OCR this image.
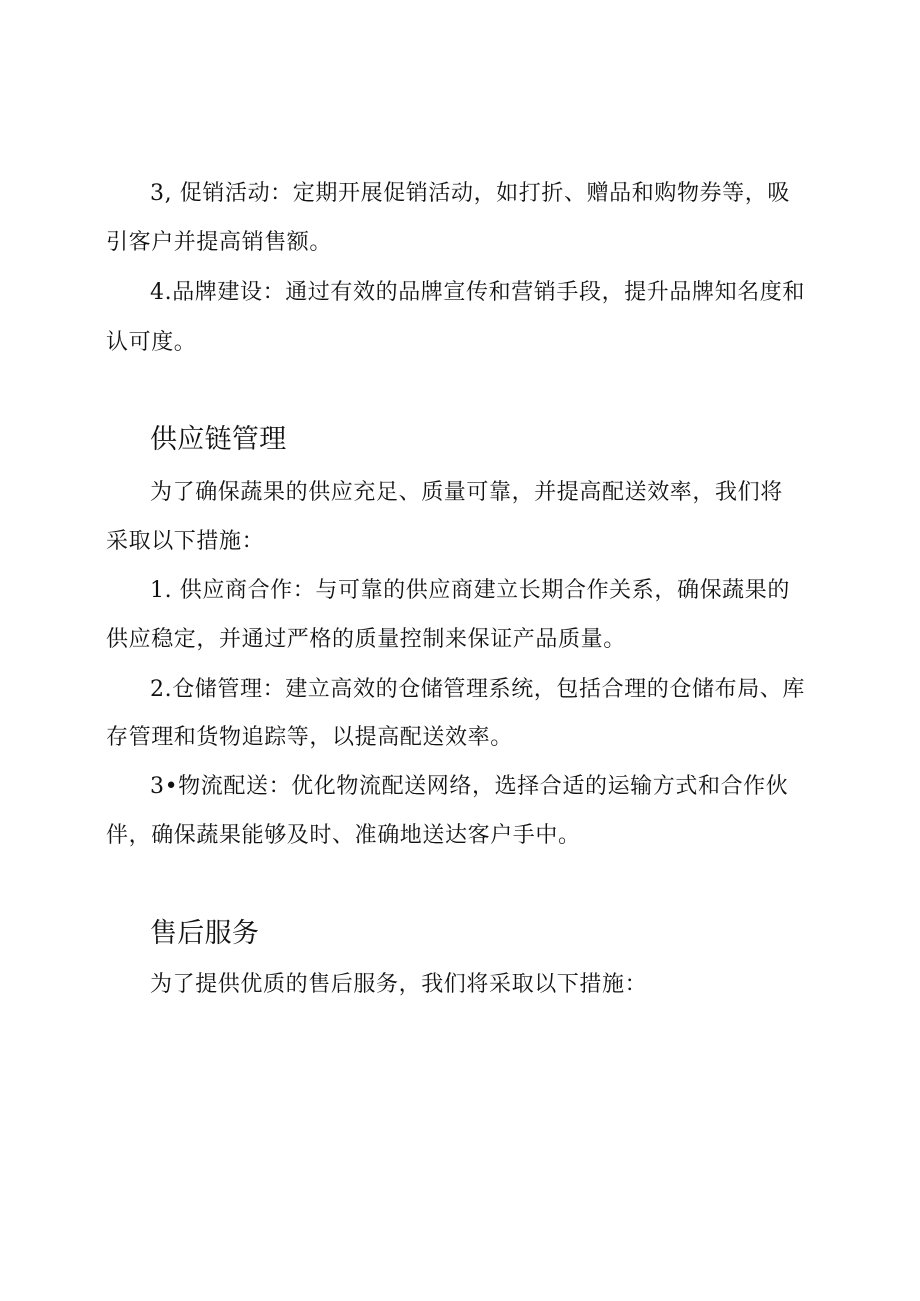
3, 促销活动：定期开展促销活动，如打折、赠品和购物券等，吸
引客户并提高销售额。
4.品牌建设：通过有效的品牌宣传和营销手段，提升品牌知名度和
认可度。
供应链管理
为了确保蔬果的供应充足、质量可靠，并提高配送效率，我们将
采取以下措施：
1. 供应商合作：与可靠的供应商建立长期合作关系，确保蔬果的
供应稳定，并通过严格的质量控制来保证产品质量。
2.仓储管理：建立高效的仓储管理系统，包括合理的仓储布局、库
存管理和货物追踪等，以提高配送效率。
3•物流配送：优化物流配送网络，选择合适的运输方式和合作伙
伴，确保蔬果能够及时、准确地送达客户手中。
售后服务
为了提供优质的售后服务，我们将采取以下措施：
